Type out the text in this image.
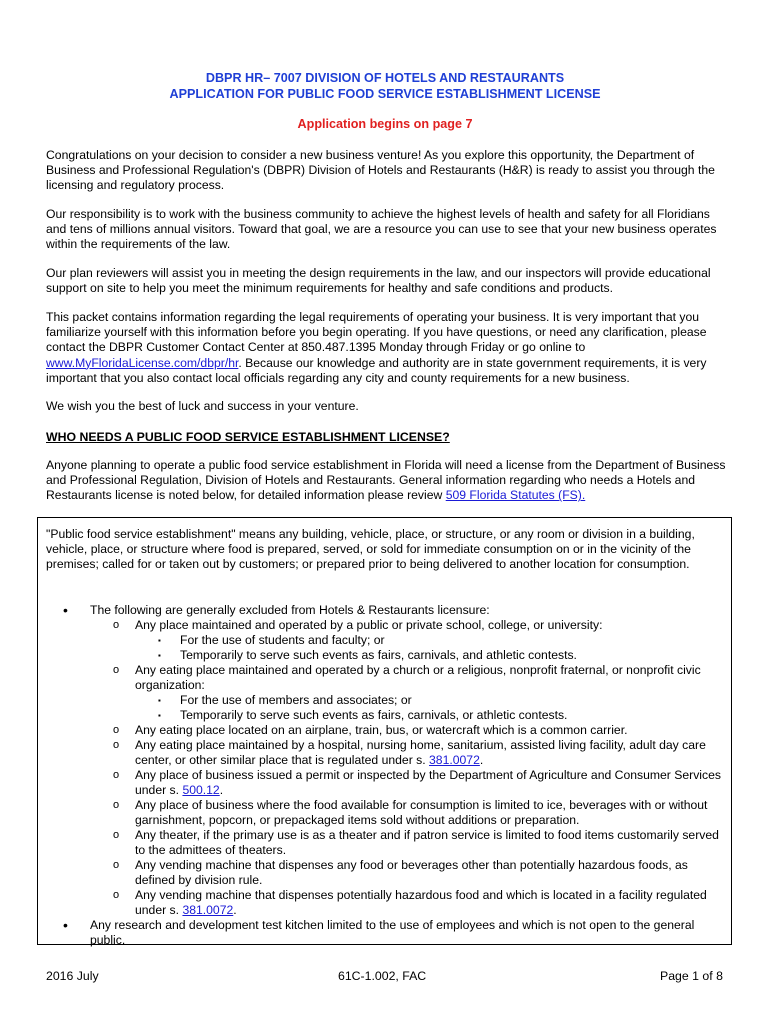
DBPR HR– 7007 DIVISION OF HOTELS AND RESTAURANTS
APPLICATION FOR PUBLIC FOOD SERVICE ESTABLISHMENT LICENSE
Application begins on page 7

Congratulations on your decision to consider a new business venture! As you explore this opportunity, the Department of Business and Professional Regulation's (DBPR) Division of Hotels and Restaurants (H&R) is ready to assist you through the licensing and regulatory process.

Our responsibility is to work with the business community to achieve the highest levels of health and safety for all Floridians and tens of millions annual visitors. Toward that goal, we are a resource you can use to see that your new business operates within the requirements of the law.

Our plan reviewers will assist you in meeting the design requirements in the law, and our inspectors will provide educational support on site to help you meet the minimum requirements for healthy and safe conditions and products.

This packet contains information regarding the legal requirements of operating your business. It is very important that you familiarize yourself with this information before you begin operating. If you have questions, or need any clarification, please contact the DBPR Customer Contact Center at 850.487.1395 Monday through Friday or go online to www.MyFloridaLicense.com/dbpr/hr. Because our knowledge and authority are in state government requirements, it is very important that you also contact local officials regarding any city and county requirements for a new business.

We wish you the best of luck and success in your venture.

WHO NEEDS A PUBLIC FOOD SERVICE ESTABLISHMENT LICENSE?

Anyone planning to operate a public food service establishment in Florida will need a license from the Department of Business and Professional Regulation, Division of Hotels and Restaurants. General information regarding who needs a Hotels and Restaurants license is noted below, for detailed information please review 509 Florida Statutes (FS).

"Public food service establishment" means any building, vehicle, place, or structure, or any room or division in a building, vehicle, place, or structure where food is prepared, served, or sold for immediate consumption on or in the vicinity of the premises; called for or taken out by customers; or prepared prior to being delivered to another location for consumption.

• The following are generally excluded from Hotels & Restaurants licensure:
o Any place maintained and operated by a public or private school, college, or university:
▪ For the use of students and faculty; or
▪ Temporarily to serve such events as fairs, carnivals, and athletic contests.
o Any eating place maintained and operated by a church or a religious, nonprofit fraternal, or nonprofit civic organization:
▪ For the use of members and associates; or
▪ Temporarily to serve such events as fairs, carnivals, or athletic contests.
o Any eating place located on an airplane, train, bus, or watercraft which is a common carrier.
o Any eating place maintained by a hospital, nursing home, sanitarium, assisted living facility, adult day care center, or other similar place that is regulated under s. 381.0072.
o Any place of business issued a permit or inspected by the Department of Agriculture and Consumer Services under s. 500.12.
o Any place of business where the food available for consumption is limited to ice, beverages with or without garnishment, popcorn, or prepackaged items sold without additions or preparation.
o Any theater, if the primary use is as a theater and if patron service is limited to food items customarily served to the admittees of theaters.
o Any vending machine that dispenses any food or beverages other than potentially hazardous foods, as defined by division rule.
o Any vending machine that dispenses potentially hazardous food and which is located in a facility regulated under s. 381.0072.
• Any research and development test kitchen limited to the use of employees and which is not open to the general public.
2016 July	61C-1.002, FAC	Page 1 of 8
